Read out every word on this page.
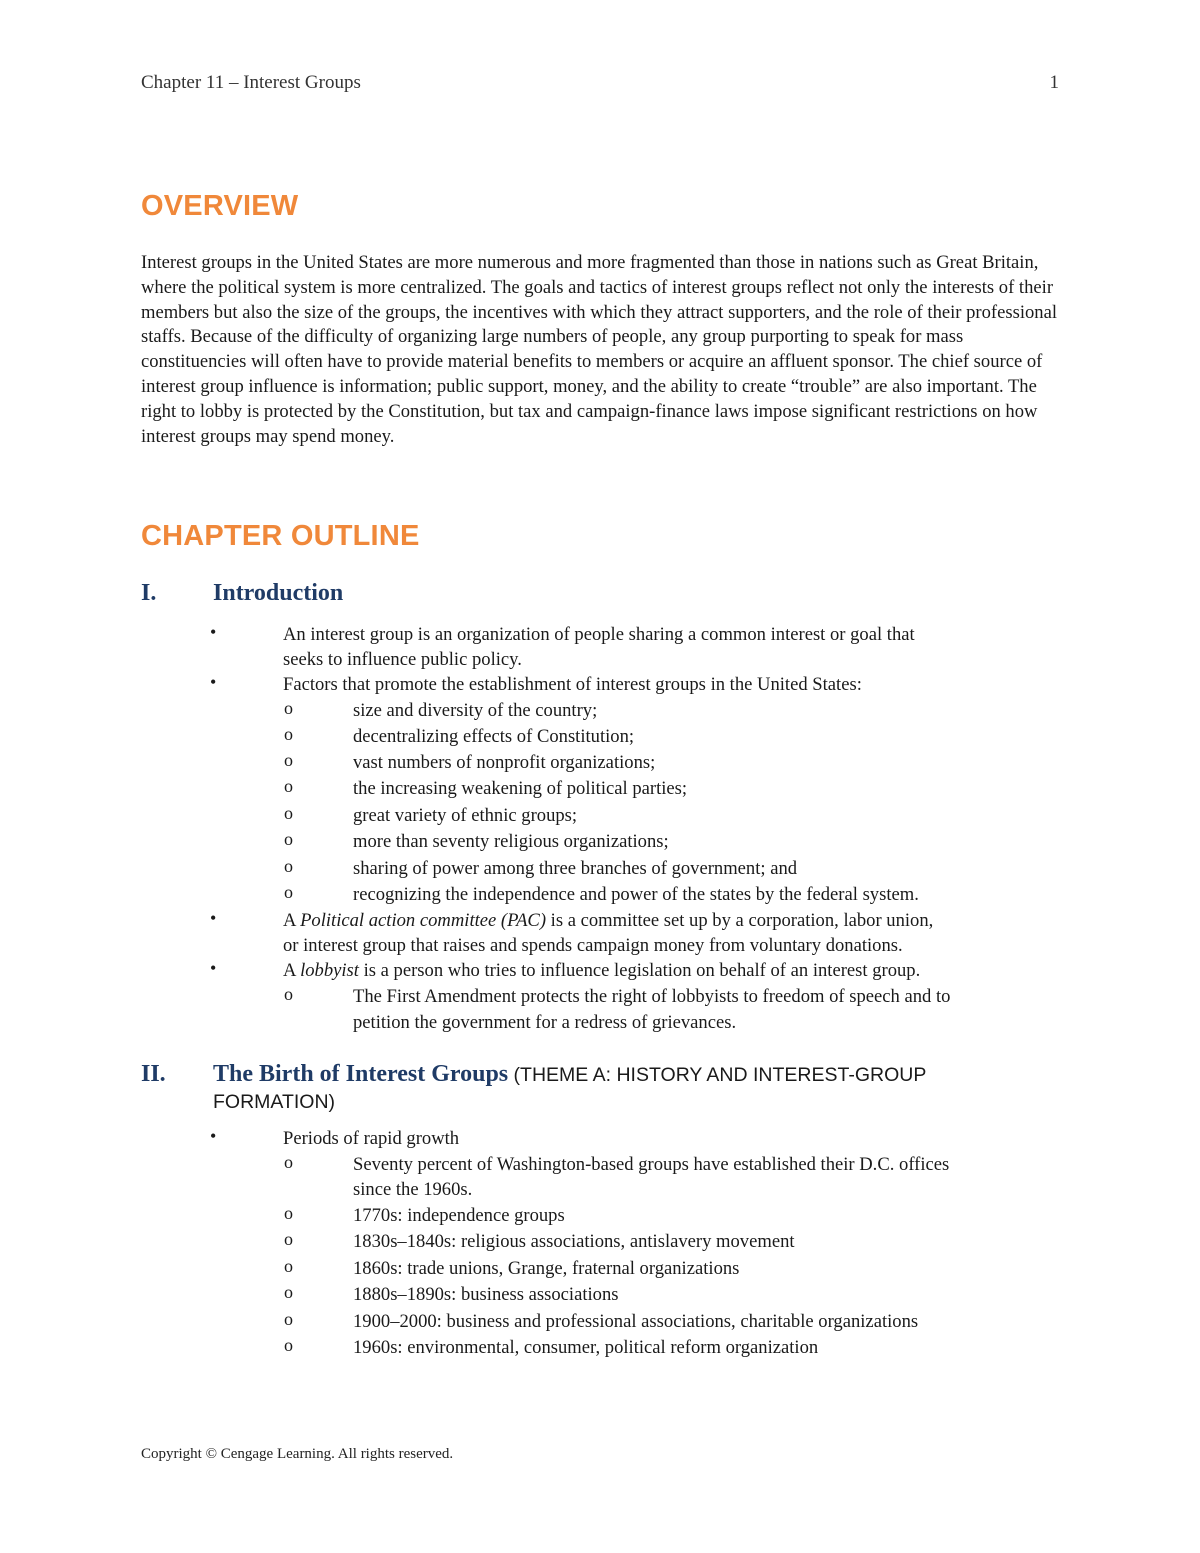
Chapter 11 – Interest Groups	1
OVERVIEW

Interest groups in the United States are more numerous and more fragmented than those in nations such as Great Britain, where the political system is more centralized. The goals and tactics of interest groups reflect not only the interests of their members but also the size of the groups, the incentives with which they attract supporters, and the role of their professional staffs. Because of the difficulty of organizing large numbers of people, any group purporting to speak for mass constituencies will often have to provide material benefits to members or acquire an affluent sponsor. The chief source of interest group influence is information; public support, money, and the ability to create “trouble” are also important. The right to lobby is protected by the Constitution, but tax and campaign-finance laws impose significant restrictions on how interest groups may spend money.

CHAPTER OUTLINE
I. Introduction
•	An interest group is an organization of people sharing a common interest or goal that

seeks to influence public policy.

•	Factors that promote the establishment of interest groups in the United States:

o	size and diversity of the country;

o	decentralizing effects of Constitution;

o	vast numbers of nonprofit organizations;

o	the increasing weakening of political parties;

o	great variety of ethnic groups;

o	more than seventy religious organizations;

o	sharing of power among three branches of government; and

o	recognizing the independence and power of the states by the federal system.

•	A Political action committee (PAC) is a committee set up by a corporation, labor union,

or interest group that raises and spends campaign money from voluntary donations.

•	A lobbyist is a person who tries to influence legislation on behalf of an interest group.

o	The First Amendment protects the right of lobbyists to freedom of speech and to

petition the government for a redress of grievances.

II. The Birth of Interest Groups (THEME A: HISTORY AND INTEREST-GROUP
FORMATION)
•	Periods of rapid growth

o	Seventy percent of Washington-based groups have established their D.C. offices

since the 1960s.

o	1770s: independence groups

o	1830s–1840s: religious associations, antislavery movement

o	1860s: trade unions, Grange, fraternal organizations

o	1880s–1890s: business associations

o	1900–2000: business and professional associations, charitable organizations

o	1960s: environmental, consumer, political reform organization

Copyright © Cengage Learning. All rights reserved.
